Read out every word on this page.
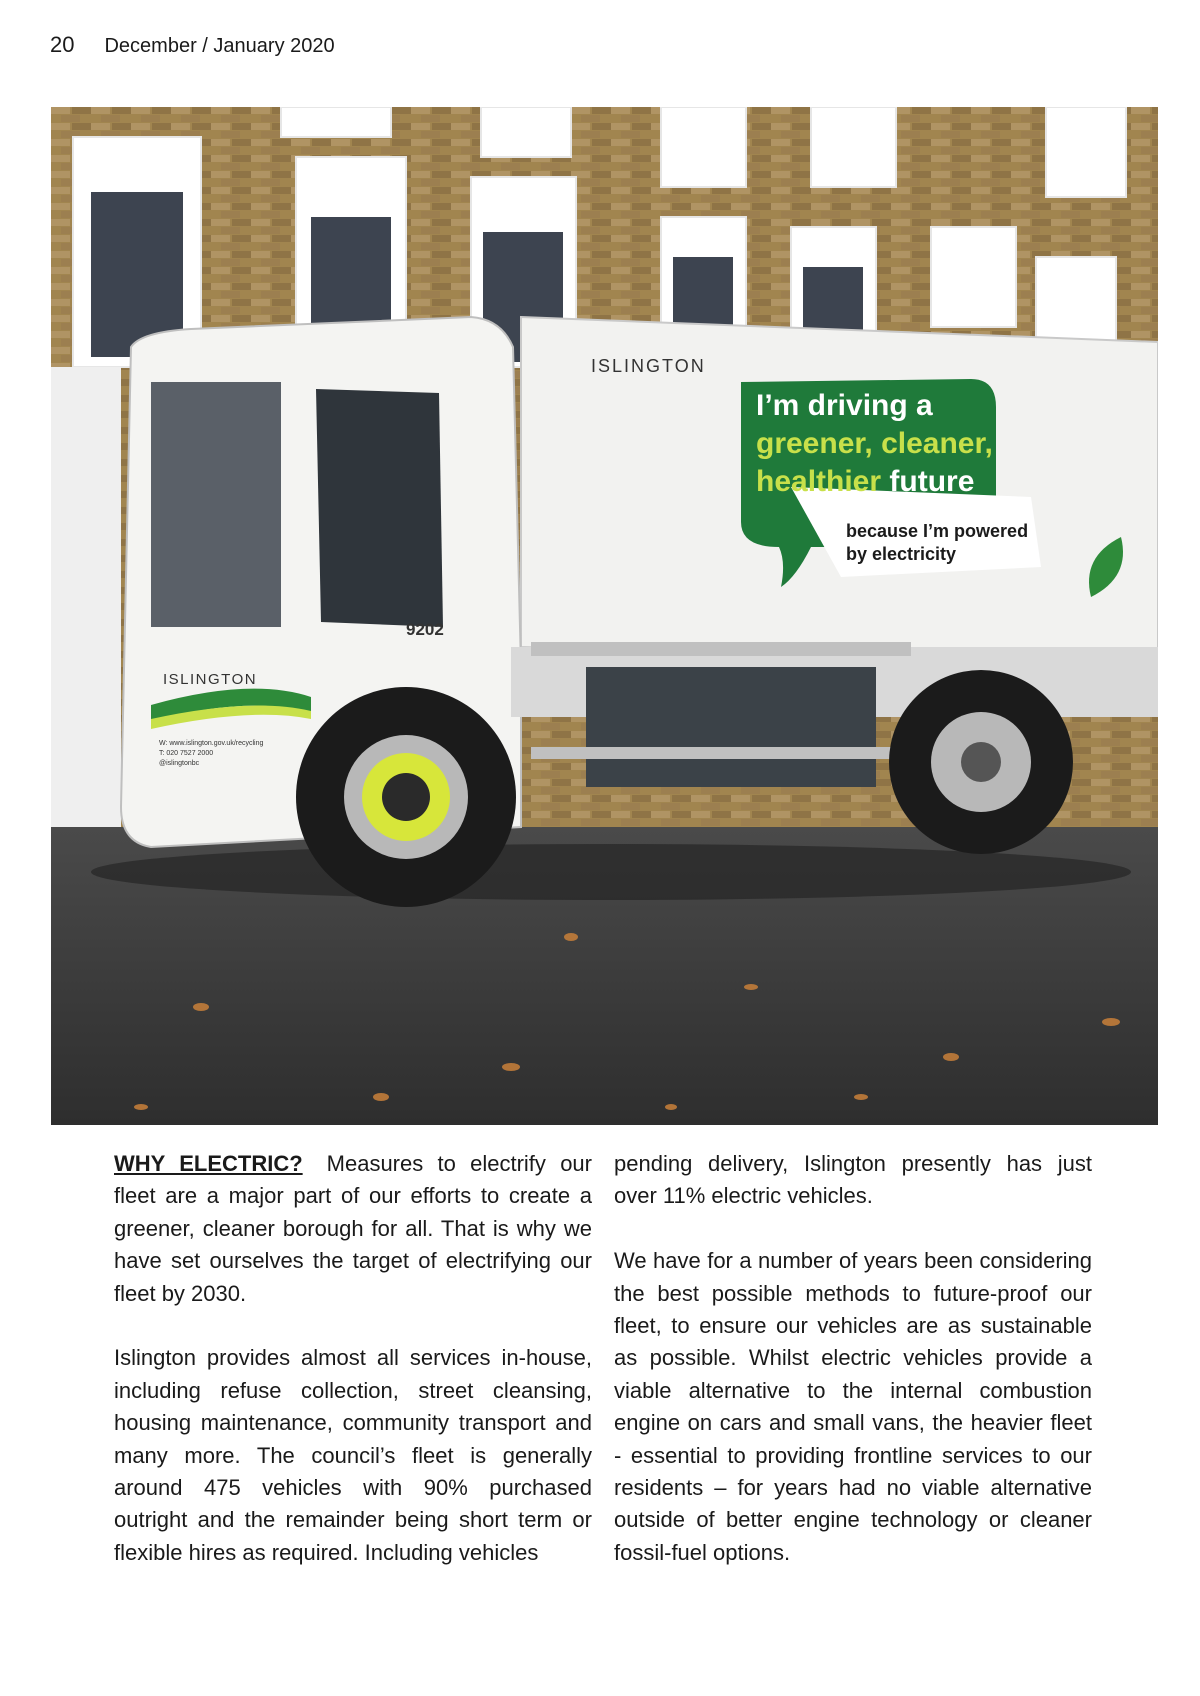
20 December / January 2020
I’m driving a
greener, cleaner,
healthier future
because I’m powered
by electricity
ISLINGTON
ISLINGTON
9202
W: www.islington.gov.uk/recycling
T: 020 7527 2000
@islingtonbc

WHY ELECTRIC? Measures to electrify our fleet are a major part of our efforts to create a greener, cleaner borough for all. That is why we have set ourselves the target of electrifying our fleet by 2030.

Islington provides almost all services in-house, including refuse collection, street cleansing, housing maintenance, community transport and many more. The council’s fleet is generally around 475 vehicles with 90% purchased outright and the remainder being short term or flexible hires as required. Including vehicles

pending delivery, Islington presently has just over 11% electric vehicles.

We have for a number of years been considering the best possible methods to future-proof our fleet, to ensure our vehicles are as sustainable as possible. Whilst electric vehicles provide a viable alternative to the internal combustion engine on cars and small vans, the heavier fleet - essential to providing frontline services to our residents – for years had no viable alternative outside of better engine technology or cleaner fossil-fuel options.
